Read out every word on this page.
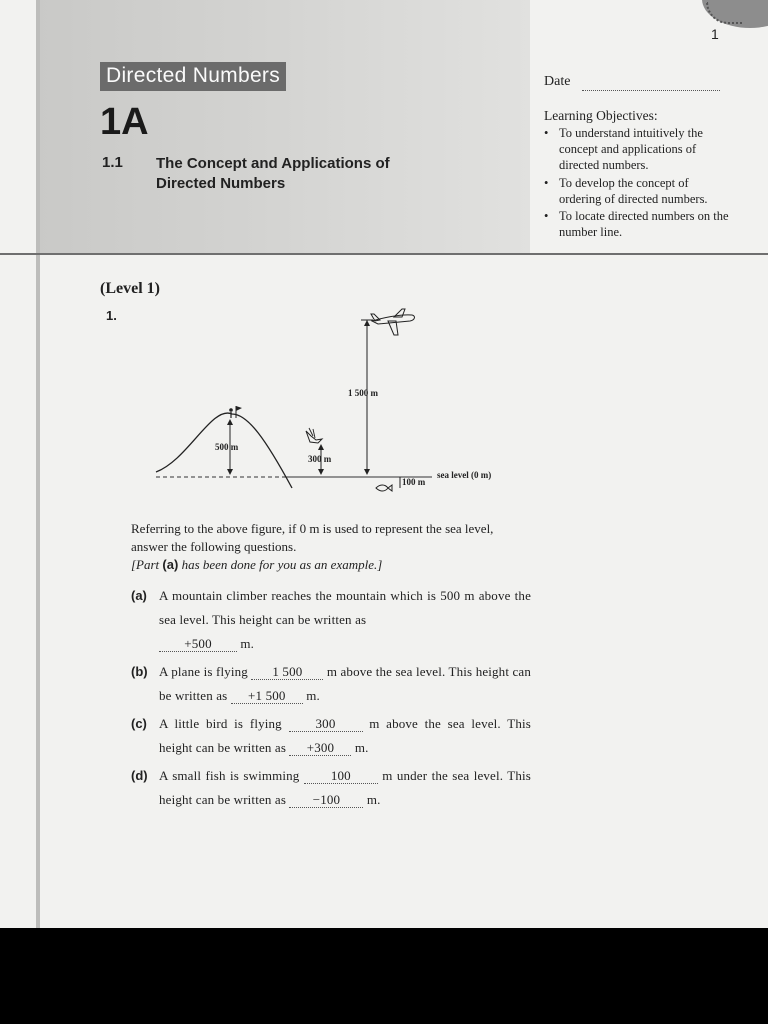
1
Directed Numbers
1A
1.1 The Concept and Applications of
Directed Numbers
Date
Learning Objectives:
• To understand intuitively the concept and applications of directed numbers.
• To develop the concept of ordering of directed numbers.
• To locate directed numbers on the number line.
(Level 1)
1.
500 m
300 m
1 500 m
100 m
sea level (0 m)
Referring to the above figure, if 0 m is used to represent the sea level, answer the following questions.
[Part (a) has been done for you as an example.]
(a) A mountain climber reaches the mountain which is 500 m above the sea level. This height can be written as
+500 m.
(b) A plane is flying 1 500 m above the sea level. This height can be written as +1 500 m.
(c) A little bird is flying	300	m above the sea level. This height can be written as +300 m.
(d) A small fish is swimming 100 m under the sea level. This height can be written as −100 m.
